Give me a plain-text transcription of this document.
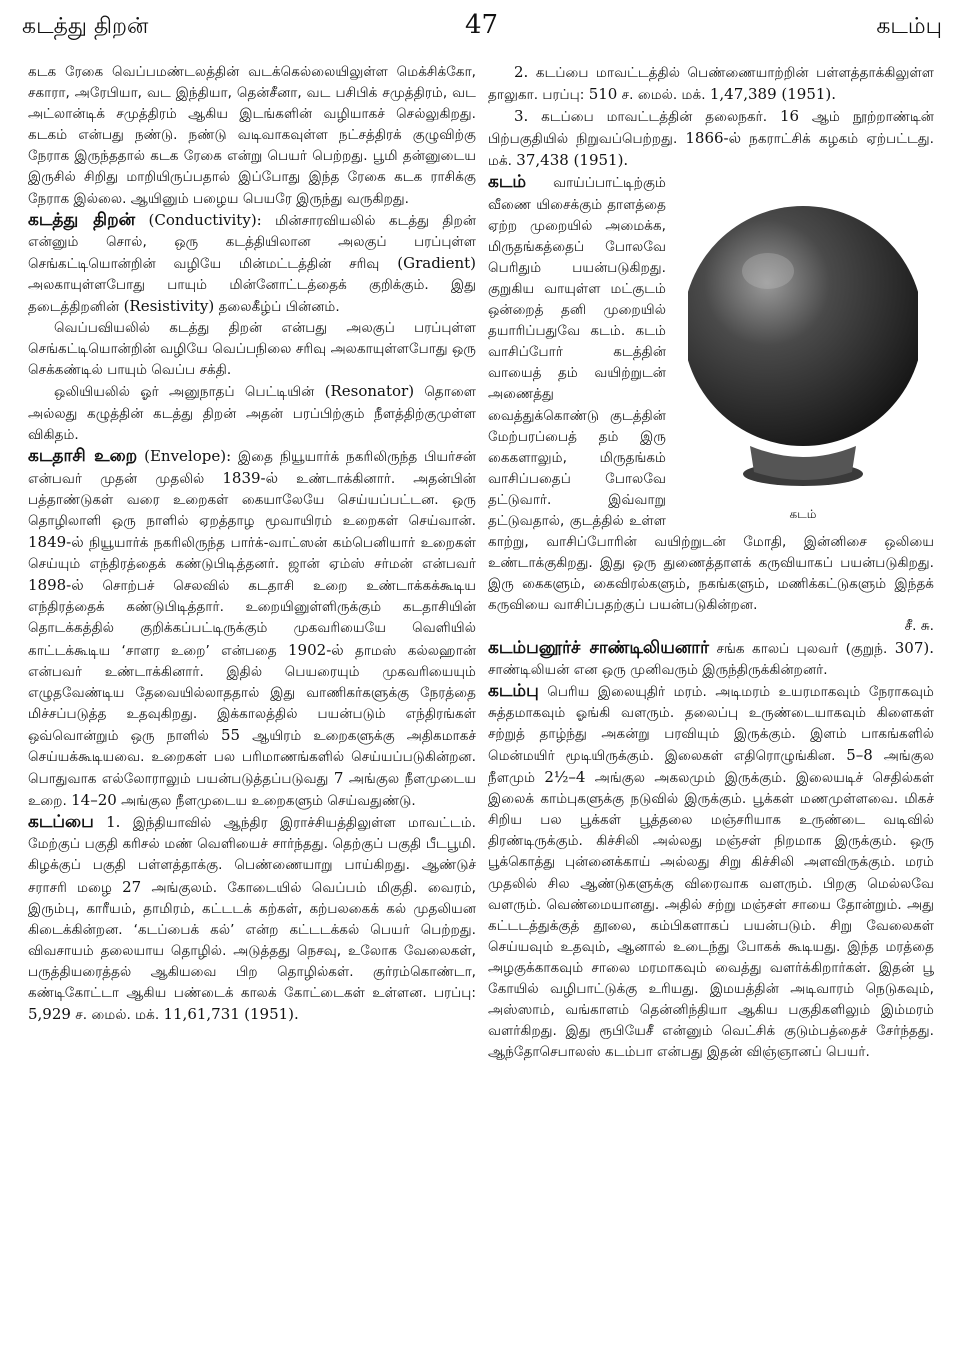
கடத்து திறன்	47	கடம்பு

கடக ரேகை வெப்பமண்டலத்தின் வடக்கெல்லையிலுள்ள மெக்சிக்கோ, சகாரா, அரேபியா, வட இந்தியா, தென்சீனா, வட பசிபிக் சமுத்திரம், வட அட்லான்டிக் சமுத்திரம் ஆகிய இடங்களின் வழியாகச் செல்லுகிறது. கடகம் என்பது நண்டு. நண்டு வடிவாகவுள்ள நட்சத்திரக் குழுவிற்கு நேராக இருந்ததால் கடக ரேகை என்று பெயர் பெற்றது. பூமி தன்னுடைய இருசில் சிறிது மாறியிருப்பதால் இப்போது இந்த ரேகை கடக ராசிக்கு நேராக இல்லை. ஆயினும் பழைய பெயரே இருந்து வருகிறது.

கடத்து திறன் (Conductivity): மின்சாரவியலில் கடத்து திறன் என்னும் சொல், ஒரு கடத்தியிலான அலகுப் பரப்புள்ள செங்கட்டியொன்றின் வழியே மின்மட்டத்தின் சரிவு (Gradient) அலகாயுள்ளபோது பாயும் மின்னோட்டத்தைக் குறிக்கும். இது தடைத்திறனின் (Resistivity) தலைகீழ்ப் பின்னம்.

வெப்பவியலில் கடத்து திறன் என்பது அலகுப் பரப்புள்ள செங்கட்டியொன்றின் வழியே வெப்பநிலை சரிவு அலகாயுள்ளபோது ஒரு செக்கண்டில் பாயும் வெப்ப சக்தி.

ஒலியியலில் ஓர் அனுநாதப் பெட்டியின் (Resonator) தொளை அல்லது கழுத்தின் கடத்து திறன் அதன் பரப்பிற்கும் நீளத்திற்குமுள்ள விகிதம்.

கடதாசி உறை (Envelope): இதை நியூயார்க் நகரிலிருந்த பியர்சன் என்பவர் முதன் முதலில் 1839-ல் உண்டாக்கினார். அதன்பின் பத்தாண்டுகள் வரை உறைகள் கையாலேயே செய்யப்பட்டன. ஒரு தொழிலாளி ஒரு நாளில் ஏறத்தாழ மூவாயிரம் உறைகள் செய்வான். 1849-ல் நியூயார்க் நகரிலிருந்த பார்க்-வாட்ஸன் கம்பெனியார் உறைகள் செய்யும் எந்திரத்தைக் கண்டுபிடித்தனர். ஜான் ஏம்ஸ் சர்மன் என்பவர் 1898-ல் சொற்பச் செலவில் கடதாசி உறை உண்டாக்கக்கூடிய எந்திரத்தைக் கண்டுபிடித்தார். உறையினுள்ளிருக்கும் கடதாசியின் தொடக்கத்தில் குறிக்கப்பட்டிருக்கும் முகவரியையே வெளியில் காட்டக்கூடிய ‘சாளர உறை’ என்பதை 1902-ல் தாமஸ் கல்லஹான் என்பவர் உண்டாக்கினார். இதில் பெயரையும் முகவரியையும் எழுதவேண்டிய தேவையில்லாததால் இது வாணிகர்களுக்கு நேரத்தை மிச்சப்படுத்த உதவுகிறது. இக்காலத்தில் பயன்படும் எந்திரங்கள் ஒவ்வொன்றும் ஒரு நாளில் 55 ஆயிரம் உறைகளுக்கு அதிகமாகச் செய்யக்கூடியவை. உறைகள் பல பரிமாணங்களில் செய்யப்படுகின்றன. பொதுவாக எல்லோராலும் பயன்படுத்தப்படுவது 7 அங்குல நீளமுடைய உறை. 14–20 அங்குல நீளமுடைய உறைகளும் செய்வதுண்டு.

கடப்பை 1. இந்தியாவில் ஆந்திர இராச்சியத்திலுள்ள மாவட்டம். மேற்குப் பகுதி கரிசல் மண் வெளியைச் சார்ந்தது. தெற்குப் பகுதி பீடபூமி. கிழக்குப் பகுதி பள்ளத்தாக்கு. பெண்ணையாறு பாய்கிறது. ஆண்டுச் சராசரி மழை 27 அங்குலம். கோடையில் வெப்பம் மிகுதி. வைரம், இரும்பு, காரீயம், தாமிரம், கட்டடக் கற்கள், கற்பலகைக் கல் முதலியன கிடைக்கின்றன. ‘கடப்பைக் கல்’ என்ற கட்டடக்கல் பெயர் பெற்றது. விவசாயம் தலையாய தொழில். அடுத்தது நெசவு, உலோக வேலைகள், பருத்தியரைத்தல் ஆகியவை பிற தொழில்கள். குர்ரம்கொண்டா, கண்டிகோட்டா ஆகிய பண்டைக் காலக் கோட்டைகள் உள்ளன. பரப்பு: 5,929 ச. மைல். மக். 11,61,731 (1951).

2. கடப்பை மாவட்டத்தில் பெண்ணையாற்றின் பள்ளத்தாக்கிலுள்ள தாலுகா. பரப்பு: 510 ச. மைல். மக். 1,47,389 (1951).

3. கடப்பை மாவட்டத்தின் தலைநகர். 16 ஆம் நூற்றாண்டின் பிற்பகுதியில் நிறுவப்பெற்றது. 1866-ல் நகராட்சிக் கழகம் ஏற்பட்டது. மக். 37,438 (1951).

கடம்
கடம் வாய்ப்பாட்டிற்கும் வீணை யிசைக்கும் தாளத்தை ஏற்ற முறையில் அமைக்க, மிருதங்கத்தைப் போலவே பெரிதும் பயன்படுகிறது. குறுகிய வாயுள்ள மட்குடம் ஒன்றைத் தனி முறையில் தயாரிப்பதுவே கடம். கடம் வாசிப்போர் கடத்தின் வாயைத் தம் வயிற்றுடன் அணைத்து வைத்துக்கொண்டு குடத்தின் மேற்பரப்பைத் தம் இரு கைகளாலும், மிருதங்கம் வாசிப்பதைப் போலவே தட்டுவார். இவ்வாறு தட்டுவதால், குடத்தில் உள்ள காற்று, வாசிப்போரின் வயிற்றுடன் மோதி, இன்னிசை ஒலியை உண்டாக்குகிறது. இது ஒரு துணைத்தாளக் கருவியாகப் பயன்படுகிறது. இரு கைகளும், கைவிரல்களும், நகங்களும், மணிக்கட்டுகளும் இந்தக் கருவியை வாசிப்பதற்குப் பயன்படுகின்றன.
சீ. சு.

கடம்பனூர்ச் சாண்டிலியனார் சங்க காலப் புலவர் (குறுந். 307). சாண்டிலியன் என ஒரு முனிவரும் இருந்திருக்கின்றனர்.

கடம்பு பெரிய இலையுதிர் மரம். அடிமரம் உயரமாகவும் நேராகவும் சுத்தமாகவும் ஓங்கி வளரும். தலைப்பு உருண்டையாகவும் கிளைகள் சற்றுத் தாழ்ந்து அகன்று பரவியும் இருக்கும். இளம் பாகங்களில் மென்மயிர் மூடியிருக்கும். இலைகள் எதிரொழுங்கின. 5–8 அங்குல நீளமும் 2½–4 அங்குல அகலமும் இருக்கும். இலையடிச் செதில்கள் இலைக் காம்புகளுக்கு நடுவில் இருக்கும். பூக்கள் மணமுள்ளவை. மிகச் சிறிய பல பூக்கள் பூத்தலை மஞ்சரியாக உருண்டை வடிவில் திரண்டிருக்கும். கிச்சிலி அல்லது மஞ்சள் நிறமாக இருக்கும். ஒரு பூக்கொத்து புன்னைக்காய் அல்லது சிறு கிச்சிலி அளவிருக்கும். மரம் முதலில் சில ஆண்டுகளுக்கு விரைவாக வளரும். பிறகு மெல்லவே வளரும். வெண்மையானது. அதில் சற்று மஞ்சள் சாயை தோன்றும். அது கட்டடத்துக்குத் தூலை, கம்பிகளாகப் பயன்படும். சிறு வேலைகள் செய்யவும் உதவும், ஆனால் உடைந்து போகக் கூடியது. இந்த மரத்தை அழகுக்காகவும் சாலை மரமாகவும் வைத்து வளர்க்கிறார்கள். இதன் பூ கோயில் வழிபாட்டுக்கு உரியது. இமயத்தின் அடிவாரம் நெடுகவும், அஸ்ஸாம், வங்காளம் தென்னிந்தியா ஆகிய பகுதிகளிலும் இம்மரம் வளர்கிறது. இது ரூபியேசீ என்னும் வெட்சிக் குடும்பத்தைச் சேர்ந்தது. ஆந்தோசெபாலஸ் கடம்பா என்பது இதன் விஞ்ஞானப் பெயர்.
